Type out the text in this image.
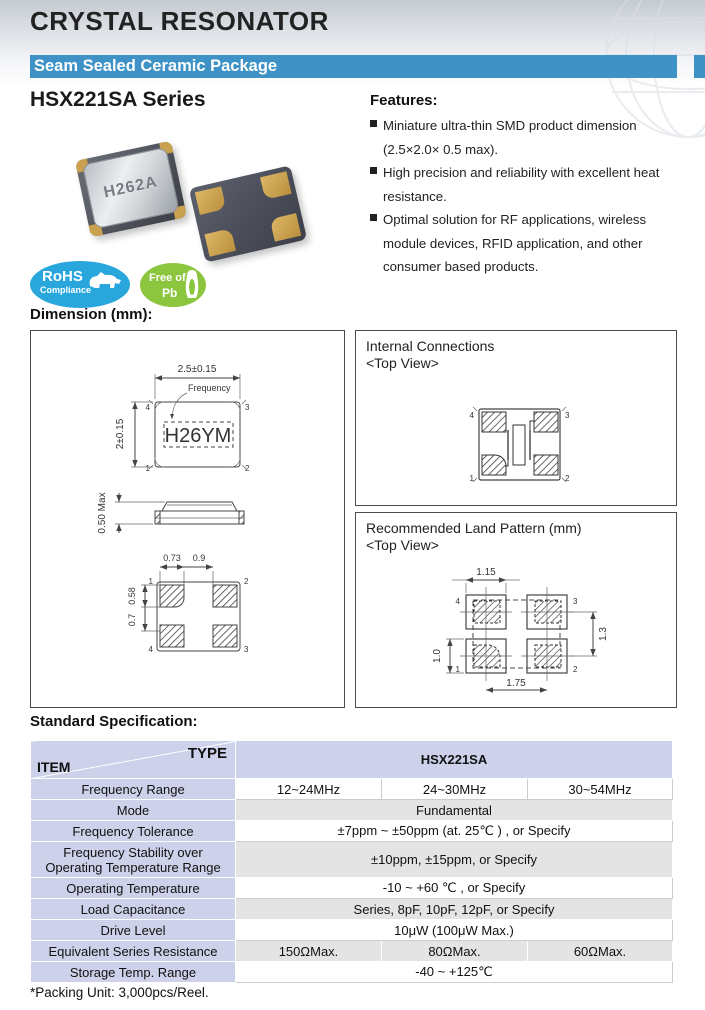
CRYSTAL RESONATOR
Seam Sealed Ceramic Package
HSX221SA Series
H262A
RoHS
Compliance
Free of
Pb
Features:
Miniature ultra-thin SMD product dimension (2.5×2.0× 0.5 max).
High precision and reliability with excellent heat resistance.
Optimal solution for RF applications, wireless module devices, RFID application, and other consumer based products.
Dimension (mm):
2.5±0.15
Frequency
H26YM
4	3
1	2
2±0.15
0.50 Max
0.73 0.9
1	2
4	3
0.58
0.7
Internal Connections
<Top View>
4	3
1	2
Recommended Land Pattern (mm)
<Top View>
1.15
1.0
1.3
1.75
4	3
1	2
Standard Specification:
TYPE
ITEM	HSX221SA		
Frequency Range	12~24MHz	24~30MHz	30~54MHz
Mode	Fundamental		
Frequency Tolerance	±7ppm ~ ±50ppm (at. 25℃ ) , or Specify		
Frequency Stability over Operating Temperature Range	±10ppm, ±15ppm, or Specify		
Operating Temperature	-10 ~ +60 ℃ , or Specify		
Load Capacitance	Series, 8pF, 10pF, 12pF, or Specify		
Drive Level	10μW (100μW Max.)		
Equivalent Series Resistance	150ΩMax.	80ΩMax.	60ΩMax.
Storage Temp. Range	-40 ~ +125℃		
*Packing Unit: 3,000pcs/Reel.
